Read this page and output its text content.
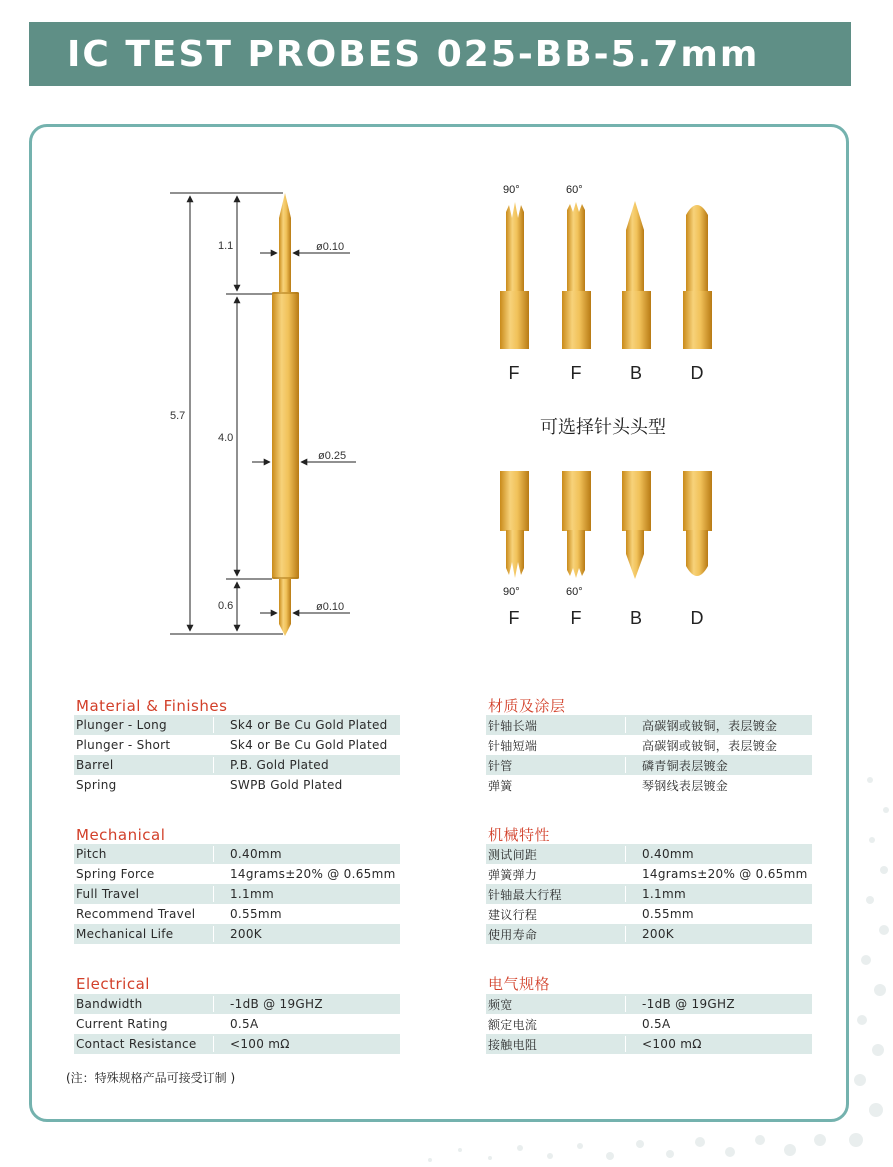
IC TEST PROBES 025-BB-5.7mm
5.7
1.1
4.0
0.6
ø0.10
ø0.25
ø0.10
90°	60°
F	F	B	D
可选择针头头型
90°	60°
F	F	B	D
Material & Finishes
Plunger - Long	Sk4 or Be Cu Gold Plated
Plunger - Short	Sk4 or Be Cu Gold Plated
Barrel	P.B. Gold Plated
Spring	SWPB Gold Plated
Mechanical
Pitch	0.40mm
Spring Force	14grams±20% @ 0.65mm
Full Travel	1.1mm
Recommend Travel	0.55mm
Mechanical Life	200K
Electrical
Bandwidth	-1dB @ 19GHZ
Current Rating	0.5A
Contact Resistance	<100 mΩ
材质及涂层
针轴长端	高碳钢或铍铜，表层镀金
针轴短端	高碳钢或铍铜，表层镀金
针管	磷青铜表层镀金
弹簧	琴钢线表层镀金
机械特性
测试间距	0.40mm
弹簧弹力	14grams±20% @ 0.65mm
针轴最大行程	1.1mm
建议行程	0.55mm
使用寿命	200K
电气规格
频宽	-1dB @ 19GHZ
额定电流	0.5A
接触电阻	<100 mΩ
(注：特殊规格产品可接受订制 )
